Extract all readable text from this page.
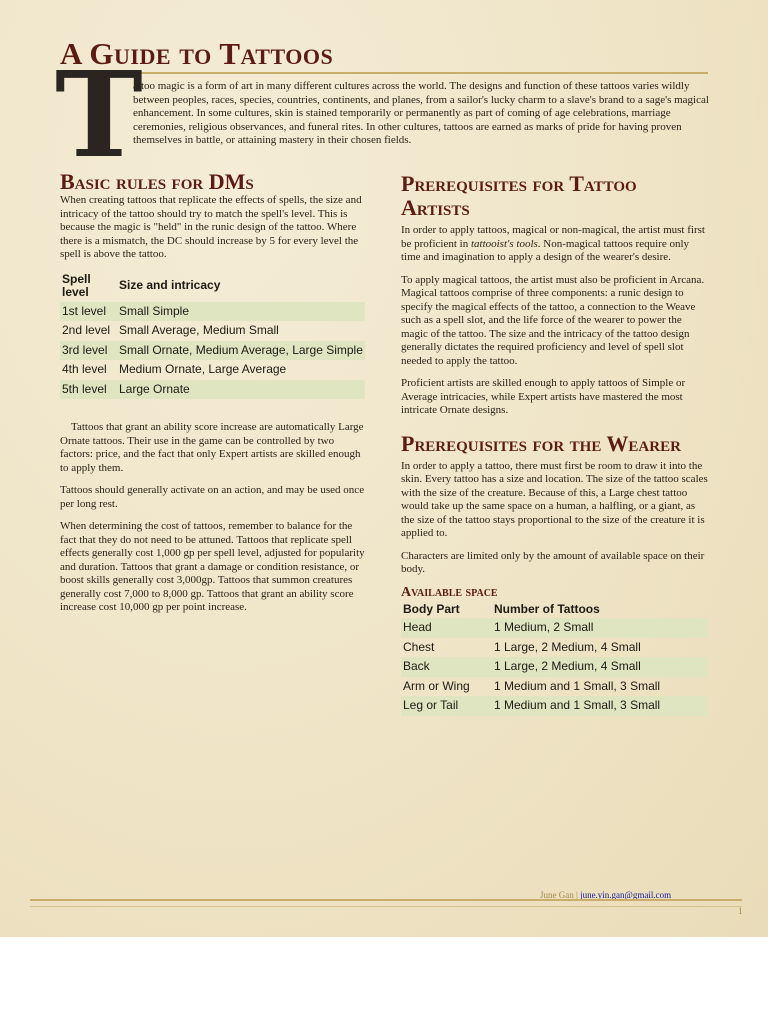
A Guide to Tattoos
T

attoo magic is a form of art in many different cultures across the world. The designs and function of these tattoos varies wildly between peoples, races, species, countries, continents, and planes, from a sailor's lucky charm to a slave's brand to a sage's magical enhancement. In some cultures, skin is stained temporarily or permanently as part of coming of age celebrations, marriage ceremonies, religious observances, and funeral rites. In other cultures, tattoos are earned as marks of pride for having proven themselves in battle, or attaining mastery in their chosen fields.

Basic rules for DMs

When creating tattoos that replicate the effects of spells, the size and intricacy of the tattoo should try to match the spell's level. This is because the magic is "held" in the runic design of the tattoo. Where there is a mismatch, the DC should increase by 5 for every level the spell is above the tattoo.

Spell level	Size and intricacy
1st level	Small Simple
2nd level	Small Average, Medium Small
3rd level	Small Ornate, Medium Average, Large Simple
4th level	Medium Ornate, Large Average
5th level	Large Ornate

Tattoos that grant an ability score increase are automatically Large Ornate tattoos. Their use in the game can be controlled by two factors: price, and the fact that only Expert artists are skilled enough to apply them.

Tattoos should generally activate on an action, and may be used once per long rest.

When determining the cost of tattoos, remember to balance for the fact that they do not need to be attuned. Tattoos that replicate spell effects generally cost 1,000 gp per spell level, adjusted for popularity and duration. Tattoos that grant a damage or condition resistance, or boost skills generally cost 3,000gp. Tattoos that summon creatures generally cost 7,000 to 8,000 gp. Tattoos that grant an ability score increase cost 10,000 gp per point increase.

Prerequisites for Tattoo Artists

In order to apply tattoos, magical or non-magical, the artist must first be proficient in tattooist's tools. Non-magical tattoos require only time and imagination to apply a design of the wearer's desire.

To apply magical tattoos, the artist must also be proficient in Arcana. Magical tattoos comprise of three components: a runic design to specify the magical effects of the tattoo, a connection to the Weave such as a spell slot, and the life force of the wearer to power the magic of the tattoo. The size and the intricacy of the tattoo design generally dictates the required proficiency and level of spell slot needed to apply the tattoo.

Proficient artists are skilled enough to apply tattoos of Simple or Average intricacies, while Expert artists have mastered the most intricate Ornate designs.

Prerequisites for the Wearer

In order to apply a tattoo, there must first be room to draw it into the skin. Every tattoo has a size and location. The size of the tattoo scales with the size of the creature. Because of this, a Large chest tattoo would take up the same space on a human, a halfling, or a giant, as the size of the tattoo stays proportional to the size of the creature it is applied to.

Characters are limited only by the amount of available space on their body.

Available space
Body Part	Number of Tattoos
Head	1 Medium, 2 Small
Chest	1 Large, 2 Medium, 4 Small
Back	1 Large, 2 Medium, 4 Small
Arm or Wing	1 Medium and 1 Small, 3 Small
Leg or Tail	1 Medium and 1 Small, 3 Small
June Gan | june.yin.gan@gmail.com
1
